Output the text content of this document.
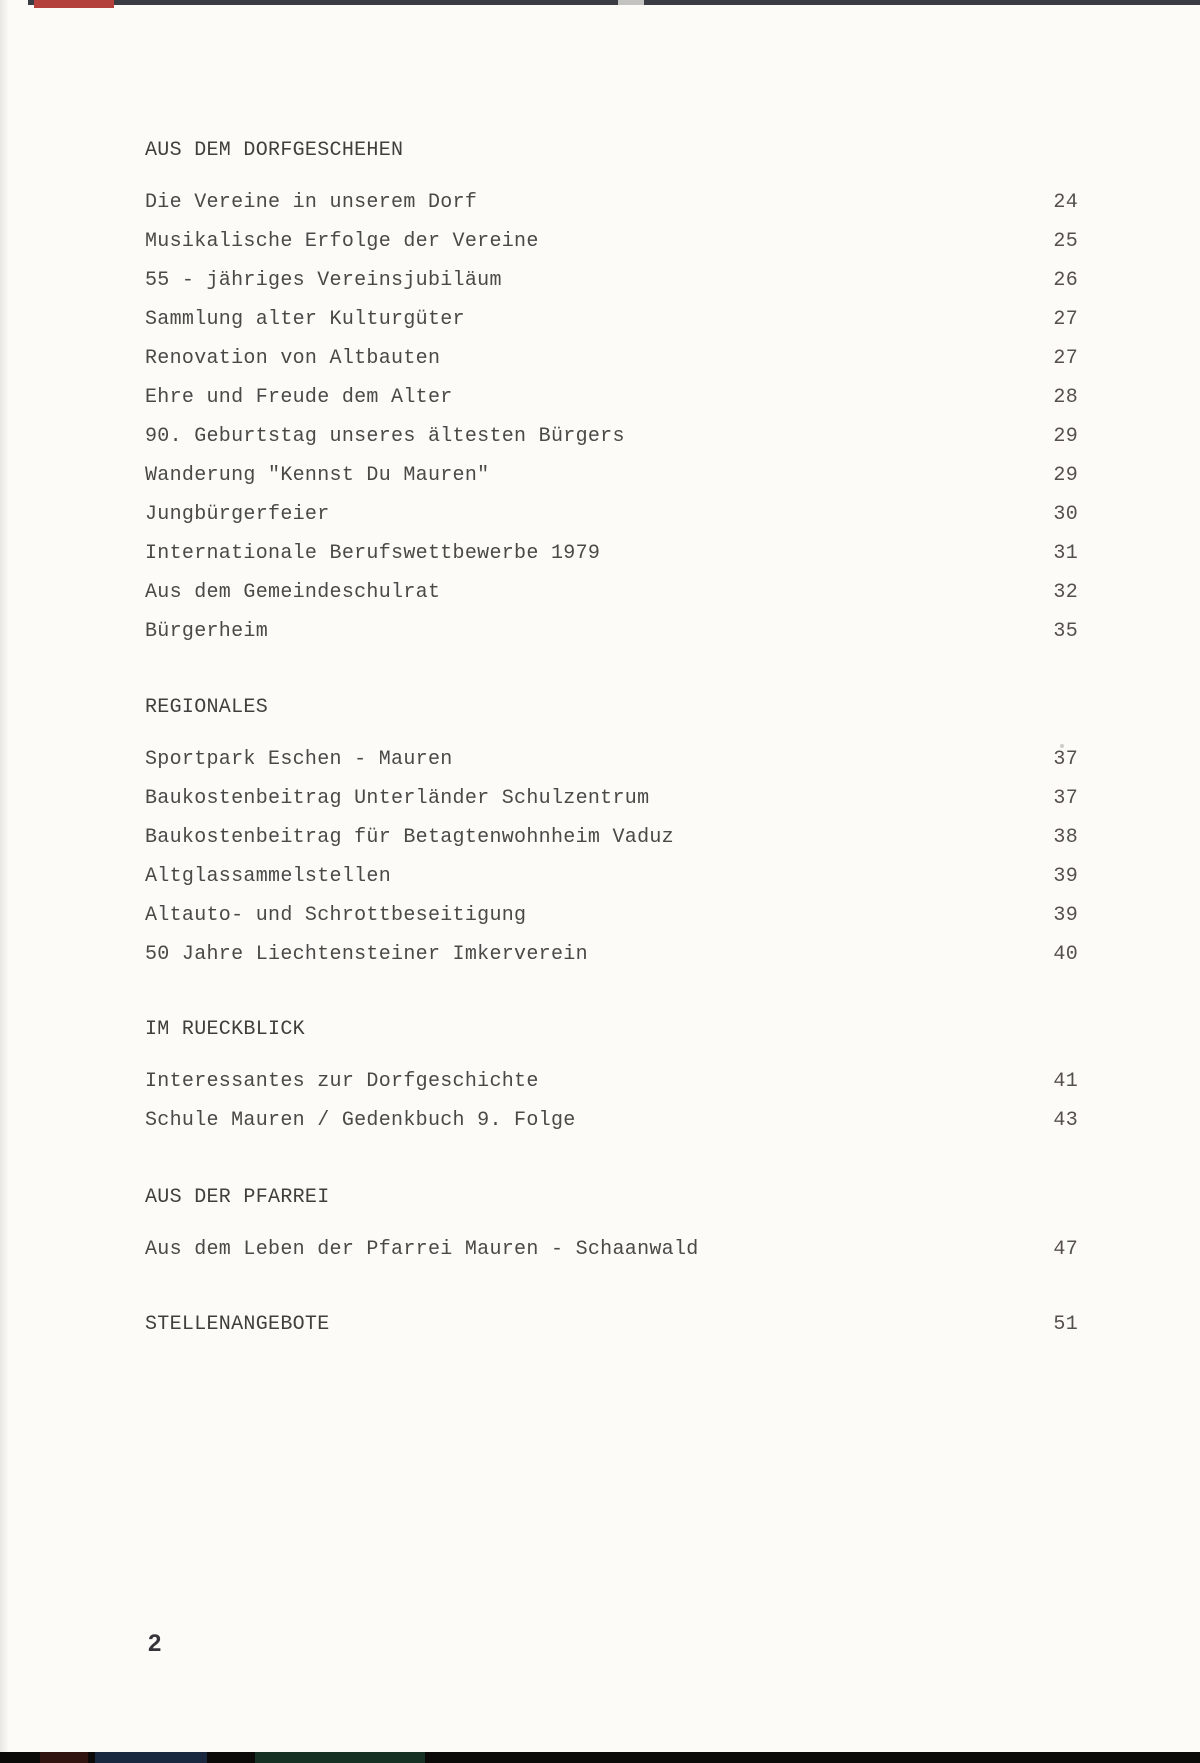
AUS DEM DORFGESCHEHEN
Die Vereine in unserem Dorf	24
Musikalische Erfolge der Vereine	25
55 - jähriges Vereinsjubiläum	26
Sammlung alter Kulturgüter	27
Renovation von Altbauten	27
Ehre und Freude dem Alter	28
90. Geburtstag unseres ältesten Bürgers	29
Wanderung "Kennst Du Mauren"	29
Jungbürgerfeier	30
Internationale Berufswettbewerbe 1979	31
Aus dem Gemeindeschulrat	32
Bürgerheim	35
REGIONALES
Sportpark Eschen - Mauren	37
Baukostenbeitrag Unterländer Schulzentrum	37
Baukostenbeitrag für Betagtenwohnheim Vaduz	38
Altglassammelstellen	39
Altauto- und Schrottbeseitigung	39
50 Jahre Liechtensteiner Imkerverein	40
IM RUECKBLICK
Interessantes zur Dorfgeschichte	41
Schule Mauren / Gedenkbuch 9. Folge	43
AUS DER PFARREI
Aus dem Leben der Pfarrei Mauren - Schaanwald	47
STELLENANGEBOTE	51
2
